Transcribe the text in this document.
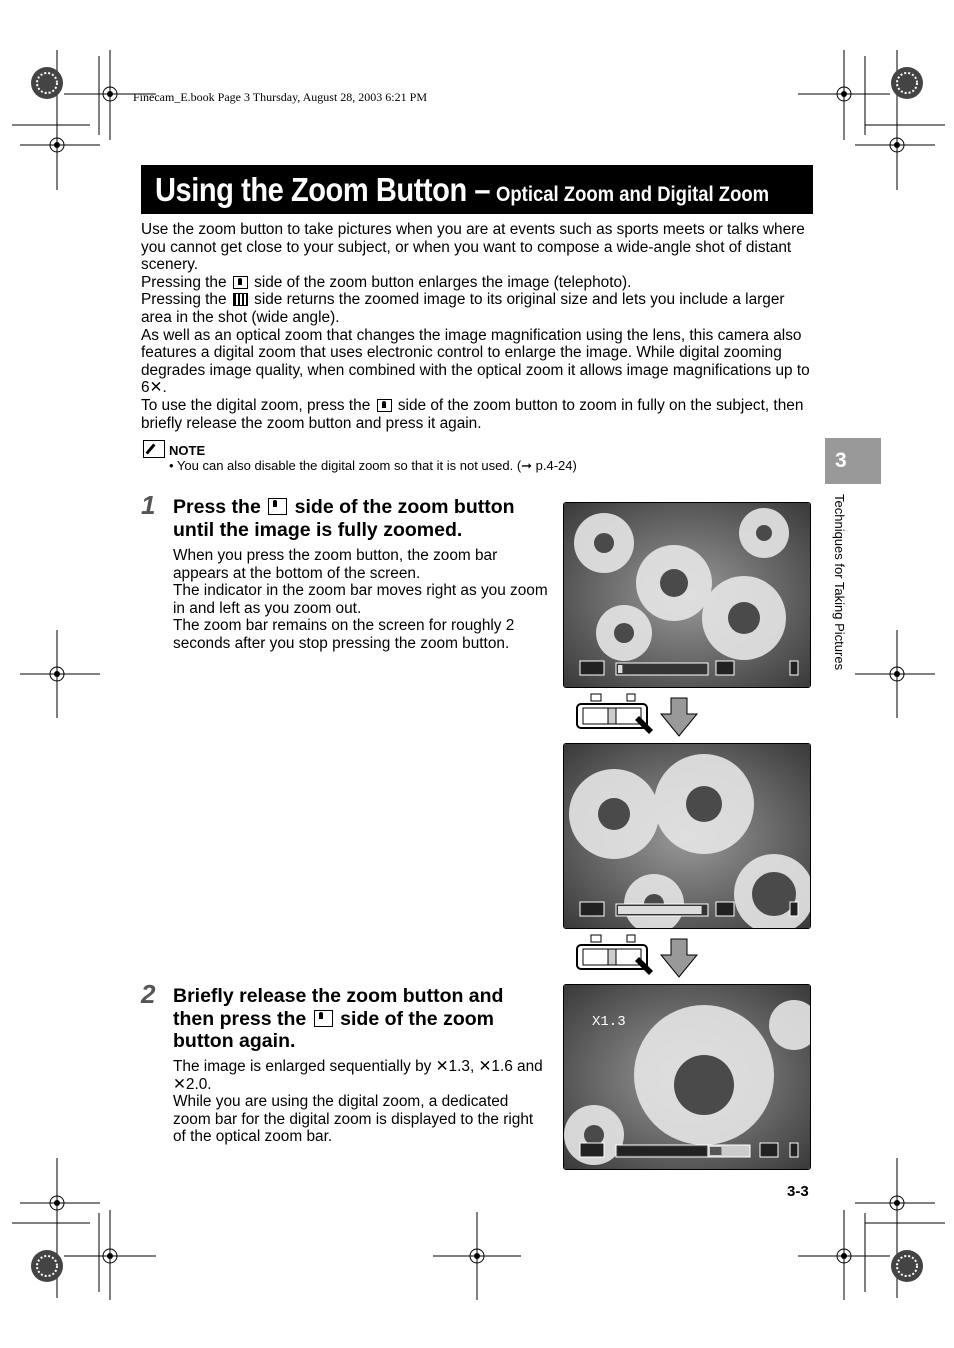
Finecam_E.book Page 3 Thursday, August 28, 2003 6:21 PM
Using the Zoom Button – Optical Zoom and Digital Zoom

Use the zoom button to take pictures when you are at events such as sports meets or talks where you cannot get close to your subject, or when you want to compose a wide-angle shot of distant scenery.

Pressing the side of the zoom button enlarges the image (telephoto).

Pressing the side returns the zoomed image to its original size and lets you include a larger area in the shot (wide angle).

As well as an optical zoom that changes the image magnification using the lens, this camera also features a digital zoom that uses electronic control to enlarge the image. While digital zooming degrades image quality, when combined with the optical zoom it allows image magnifications up to 6✕.

To use the digital zoom, press the side of the zoom button to zoom in fully on the subject, then briefly release the zoom button and press it again.

NOTE
• You can also disable the digital zoom so that it is not used. (➞ p.4-24)	3
Techniques for Taking Pictures
1 Press the side of the zoom button until the image is fully zoomed.

When you press the zoom button, the zoom bar appears at the bottom of the screen.

The indicator in the zoom bar moves right as you zoom in and left as you zoom out.

The zoom bar remains on the screen for roughly 2 seconds after you stop pressing the zoom button.

2 Briefly release the zoom button and then press the side of the zoom button again.

The image is enlarged sequentially by ✕1.3, ✕1.6 and ✕2.0.

While you are using the digital zoom, a dedicated zoom bar for the digital zoom is displayed to the right of the optical zoom bar.

X1.3
3-3
